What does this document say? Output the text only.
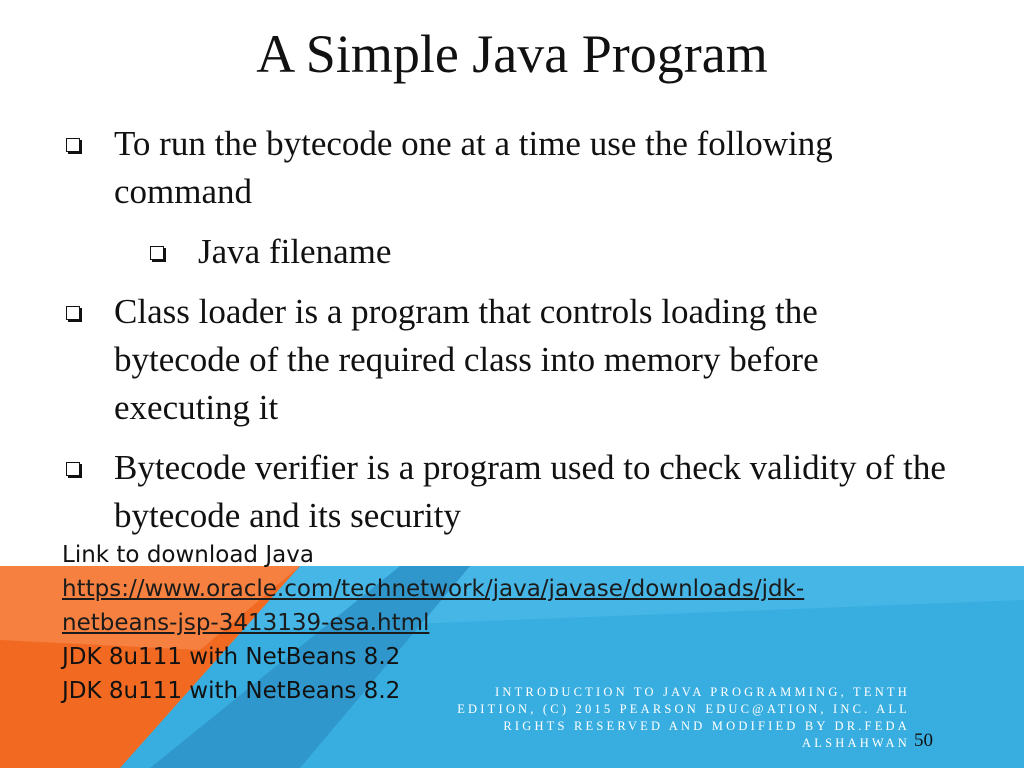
A Simple Java Program
To run the bytecode one at a time use the following command
Java filename
Class loader is a program that controls loading the bytecode of the required class into memory before executing it
Bytecode verifier is a program used to check validity of the bytecode and its security
Link to download Java
https://www.oracle.com/technetwork/java/javase/downloads/jdk-
netbeans-jsp-3413139-esa.html
JDK 8u111 with NetBeans 8.2
JDK 8u111 with NetBeans 8.2	INTRODUCTION TO JAVA PROGRAMMING, TENTH EDITION, (C) 2015 PEARSON EDUC@ATION, INC. ALL RIGHTS RESERVED AND MODIFIED BY DR.FEDA ALSHAHWAN 50
